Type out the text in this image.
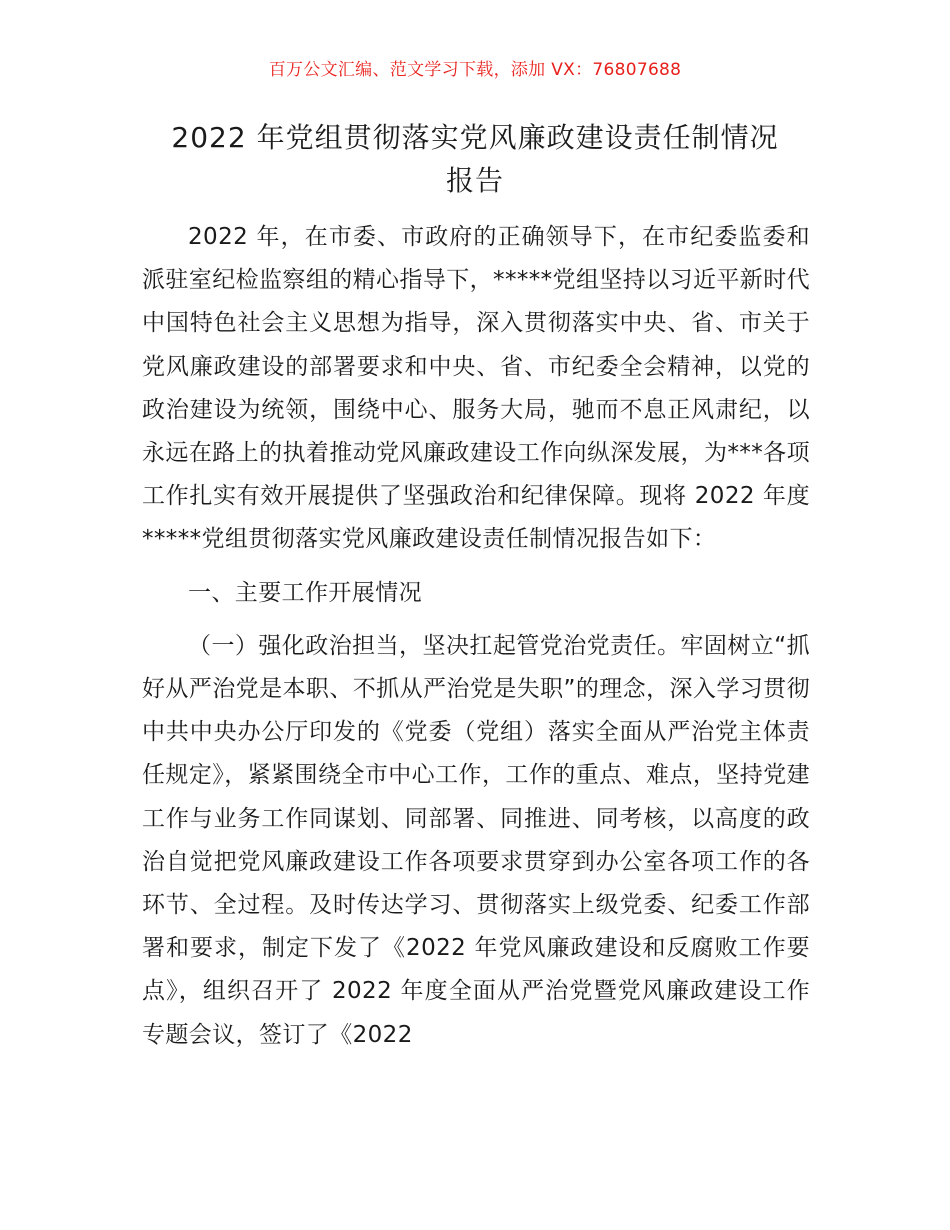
百万公文汇编、范文学习下载，添加 VX：76807688
2022 年党组贯彻落实党风廉政建设责任制情况
报告

2022 年，在市委、市政府的正确领导下，在市纪委监委和派驻室纪检监察组的精心指导下，*****党组坚持以习近平新时代中国特色社会主义思想为指导，深入贯彻落实中央、省、市关于党风廉政建设的部署要求和中央、省、市纪委全会精神，以党的政治建设为统领，围绕中心、服务大局，驰而不息正风肃纪，以永远在路上的执着推动党风廉政建设工作向纵深发展，为***各项工作扎实有效开展提供了坚强政治和纪律保障。现将 2022 年度*****党组贯彻落实党风廉政建设责任制情况报告如下：

一、主要工作开展情况

（一）强化政治担当，坚决扛起管党治党责任。牢固树立“抓好从严治党是本职、不抓从严治党是失职”的理念，深入学习贯彻中共中央办公厅印发的《党委（党组）落实全面从严治党主体责任规定》，紧紧围绕全市中心工作，工作的重点、难点，坚持党建工作与业务工作同谋划、同部署、同推进、同考核，以高度的政治自觉把党风廉政建设工作各项要求贯穿到办公室各项工作的各环节、全过程。及时传达学习、贯彻落实上级党委、纪委工作部署和要求，制定下发了《2022 年党风廉政建设和反腐败工作要点》，组织召开了 2022 年度全面从严治党暨党风廉政建设工作专题会议，签订了《2022
